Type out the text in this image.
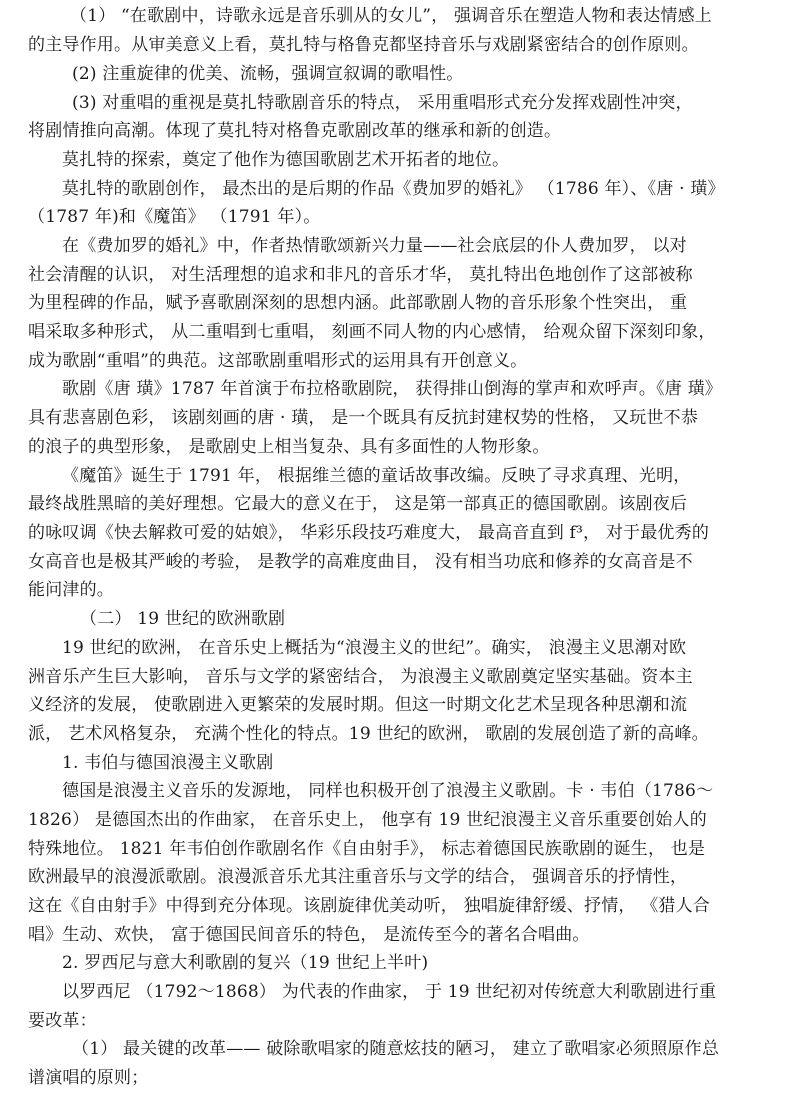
（1） “在歌剧中，诗歌永远是音乐驯从的女儿”， 强调音乐在塑造人物和表达情感上
的主导作用。从审美意义上看，莫扎特与格鲁克都坚持音乐与戏剧紧密结合的创作原则。
(2) 注重旋律的优美、流畅，强调宣叙调的歌唱性。
(3) 对重唱的重视是莫扎特歌剧音乐的特点， 采用重唱形式充分发挥戏剧性冲突，
将剧情推向高潮。体现了莫扎特对格鲁克歌剧改革的继承和新的创造。
莫扎特的探索，奠定了他作为德国歌剧艺术开拓者的地位。
莫扎特的歌剧创作， 最杰出的是后期的作品《费加罗的婚礼》 （1786 年）、《唐 · 璜》
（1787 年)和《魔笛》 （1791 年）。
在《费加罗的婚礼》中，作者热情歌颂新兴力量——社会底层的仆人费加罗， 以对
社会清醒的认识， 对生活理想的追求和非凡的音乐才华， 莫扎特出色地创作了这部被称
为里程碑的作品，赋予喜歌剧深刻的思想内涵。此部歌剧人物的音乐形象个性突出， 重
唱采取多种形式， 从二重唱到七重唱， 刻画不同人物的内心感情， 给观众留下深刻印象，
成为歌剧“重唱”的典范。这部歌剧重唱形式的运用具有开创意义。
歌剧《唐 璜》1787 年首演于布拉格歌剧院， 获得排山倒海的掌声和欢呼声。《唐 璜》
具有悲喜剧色彩， 该剧刻画的唐 · 璜， 是一个既具有反抗封建权势的性格， 又玩世不恭
的浪子的典型形象， 是歌剧史上相当复杂、具有多面性的人物形象。
《魔笛》诞生于 1791 年， 根据维兰德的童话故事改编。反映了寻求真理、光明，
最终战胜黑暗的美好理想。它最大的意义在于， 这是第一部真正的德国歌剧。该剧夜后
的咏叹调《快去解救可爱的姑娘》， 华彩乐段技巧难度大， 最高音直到 f³， 对于最优秀的
女高音也是极其严峻的考验， 是教学的高难度曲目， 没有相当功底和修养的女高音是不
能问津的。
（二） 19 世纪的欧洲歌剧
19 世纪的欧洲， 在音乐史上概括为“浪漫主义的世纪”。确实， 浪漫主义思潮对欧
洲音乐产生巨大影响， 音乐与文学的紧密结合， 为浪漫主义歌剧奠定坚实基础。资本主
义经济的发展， 使歌剧进入更繁荣的发展时期。但这一时期文化艺术呈现各种思潮和流
派， 艺术风格复杂， 充满个性化的特点。19 世纪的欧洲， 歌剧的发展创造了新的高峰。
1. 韦伯与德国浪漫主义歌剧
德国是浪漫主义音乐的发源地， 同样也积极开创了浪漫主义歌剧。卡 · 韦伯（1786～
1826） 是德国杰出的作曲家， 在音乐史上， 他享有 19 世纪浪漫主义音乐重要创始人的
特殊地位。 1821 年韦伯创作歌剧名作《自由射手》， 标志着德国民族歌剧的诞生， 也是
欧洲最早的浪漫派歌剧。浪漫派音乐尤其注重音乐与文学的结合， 强调音乐的抒情性，
这在《自由射手》中得到充分体现。该剧旋律优美动听， 独唱旋律舒缓、抒情， 《猎人合
唱》生动、欢快， 富于德国民间音乐的特色， 是流传至今的著名合唱曲。
2. 罗西尼与意大利歌剧的复兴（19 世纪上半叶)
以罗西尼 （1792～1868） 为代表的作曲家， 于 19 世纪初对传统意大利歌剧进行重
要改革：
（1） 最关键的改革—— 破除歌唱家的随意炫技的陋习， 建立了歌唱家必须照原作总
谱演唱的原则；
